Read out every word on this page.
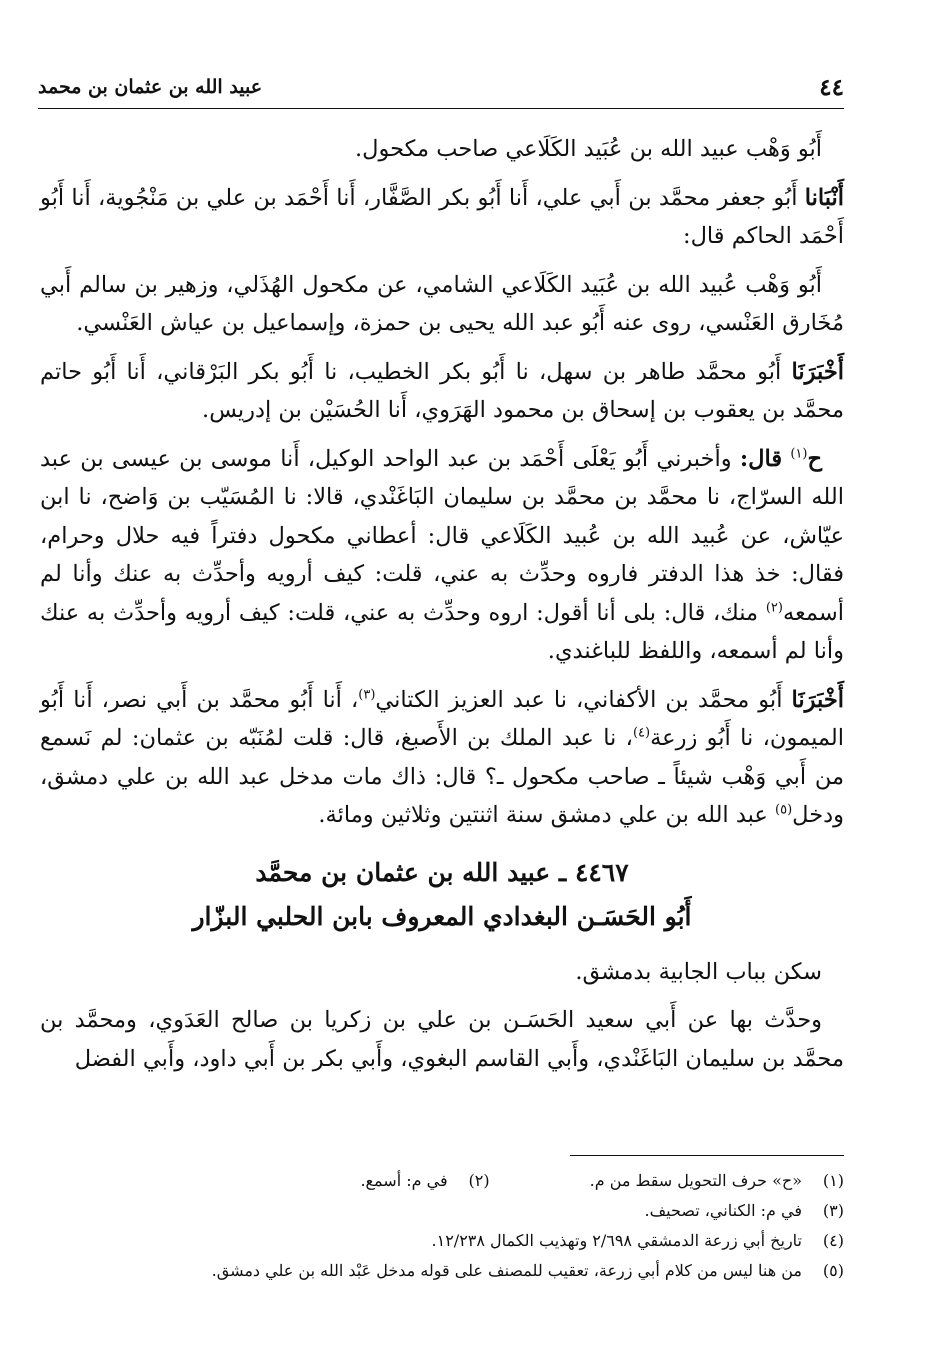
٤٤
عبيد الله بن عثمان بن محمد

أَبُو وَهْب عبيد الله بن عُبَيد الكَلَاعي صاحب مكحول.

أَنْبَانا أَبُو جعفر محمَّد بن أَبي علي، أَنا أَبُو بكر الصَّفَّار، أَنا أَحْمَد بن علي بن مَنْجُوية، أَنا أَبُو أَحْمَد الحاكم قال:

أَبُو وَهْب عُبيد الله بن عُبَيد الكَلَاعي الشامي، عن مكحول الهُذَلي، وزهير بن سالم أَبي مُخَارق العَنْسي، روى عنه أَبُو عبد الله يحيى بن حمزة، وإسماعيل بن عياش العَنْسي.

أَخْبَرَنَا أَبُو محمَّد طاهر بن سهل، نا أَبُو بكر الخطيب، نا أَبُو بكر البَرْقاني، أَنا أَبُو حاتم محمَّد بن يعقوب بن إسحاق بن محمود الهَرَوي، أَنا الحُسَيْن بن إدريس.

ح$^{(١)}$ قال: وأخبرني أَبُو يَعْلَى أَحْمَد بن عبد الواحد الوكيل، أَنا موسى بن عيسى بن عبد الله السرّاج، نا محمَّد بن محمَّد بن سليمان البَاغَنْدي، قالا: نا المُسَيّب بن وَاضح، نا ابن عيّاش، عن عُبيد الله بن عُبيد الكَلَاعي قال: أعطاني مكحول دفتراً فيه حلال وحرام، فقال: خذ هذا الدفتر فاروه وحدِّث به عني، قلت: كيف أرويه وأحدِّث به عنك وأنا لم أسمعه$^{(٢)}$ منك، قال: بلى أنا أقول: اروه وحدِّث به عني، قلت: كيف أرويه وأحدِّث به عنك وأنا لم أسمعه، واللفظ للباغندي.

أَخْبَرَنَا أَبُو محمَّد بن الأكفاني، نا عبد العزيز الكتاني$^{(٣)}$، أَنا أَبُو محمَّد بن أَبي نصر، أَنا أَبُو الميمون، نا أَبُو زرعة$^{(٤)}$، نا عبد الملك بن الأَصبغ، قال: قلت لمُنَبّه بن عثمان: لم نَسمع من أَبي وَهْب شيئاً ـ صاحب مكحول ـ؟ قال: ذاك مات مدخل عبد الله بن علي دمشق، ودخل$^{(٥)}$ عبد الله بن علي دمشق سنة اثنتين وثلاثين ومائة.

٤٤٦٧ ـ عبيد الله بن عثمان بن محمَّد
أَبُو الحَسَـن البغدادي المعروف بابن الحلبي البزّار

سكن بباب الجابية بدمشق.

وحدَّث بها عن أَبي سعيد الحَسَـن بن علي بن زكريا بن صالح العَدَوي، ومحمَّد بن محمَّد بن سليمان البَاغَنْدي، وأَبي القاسم البغوي، وأَبي بكر بن أَبي داود، وأَبي الفضل

(١)«ح» حرف التحويل سقط من م.(٢)في م: أسمع.
(٣)في م: الكناني، تصحيف.
(٤)تاريخ أبي زرعة الدمشقي ٢/٦٩٨ وتهذيب الكمال ١٢/٢٣٨.
(٥)من هنا ليس من كلام أبي زرعة، تعقيب للمصنف على قوله مدخل عَبْد الله بن علي دمشق.
